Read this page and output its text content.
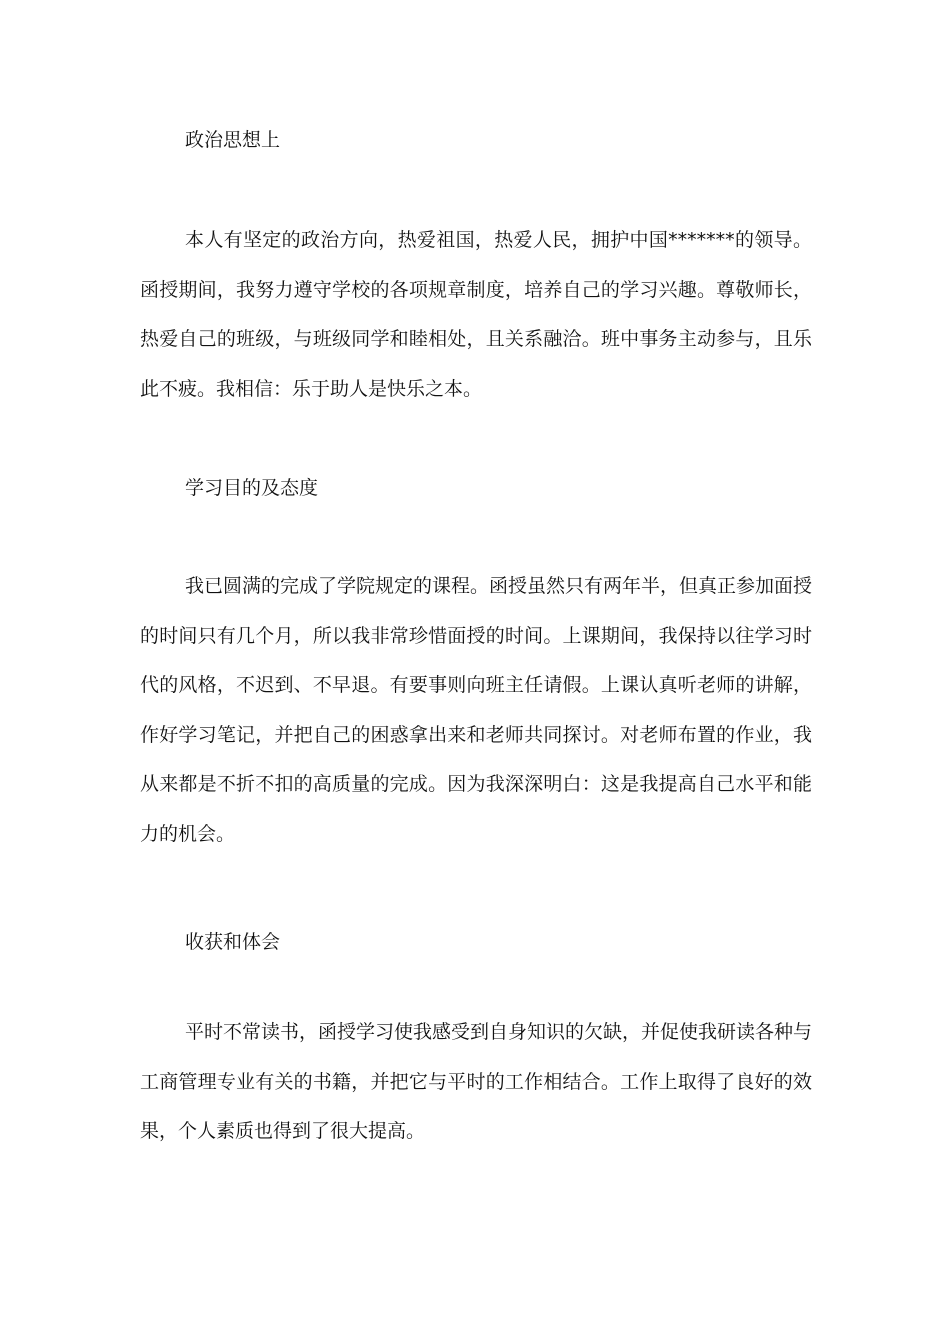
政治思想上

本人有坚定的政治方向，热爱祖国，热爱人民，拥护中国*******的领导。函授期间，我努力遵守学校的各项规章制度，培养自己的学习兴趣。尊敬师长，热爱自己的班级，与班级同学和睦相处，且关系融洽。班中事务主动参与，且乐此不疲。我相信：乐于助人是快乐之本。

学习目的及态度

我已圆满的完成了学院规定的课程。函授虽然只有两年半，但真正参加面授的时间只有几个月，所以我非常珍惜面授的时间。上课期间，我保持以往学习时代的风格，不迟到、不早退。有要事则向班主任请假。上课认真听老师的讲解，作好学习笔记，并把自己的困惑拿出来和老师共同探讨。对老师布置的作业，我从来都是不折不扣的高质量的完成。因为我深深明白：这是我提高自己水平和能力的机会。

收获和体会

平时不常读书，函授学习使我感受到自身知识的欠缺，并促使我研读各种与工商管理专业有关的书籍，并把它与平时的工作相结合。工作上取得了良好的效果，个人素质也得到了很大提高。
